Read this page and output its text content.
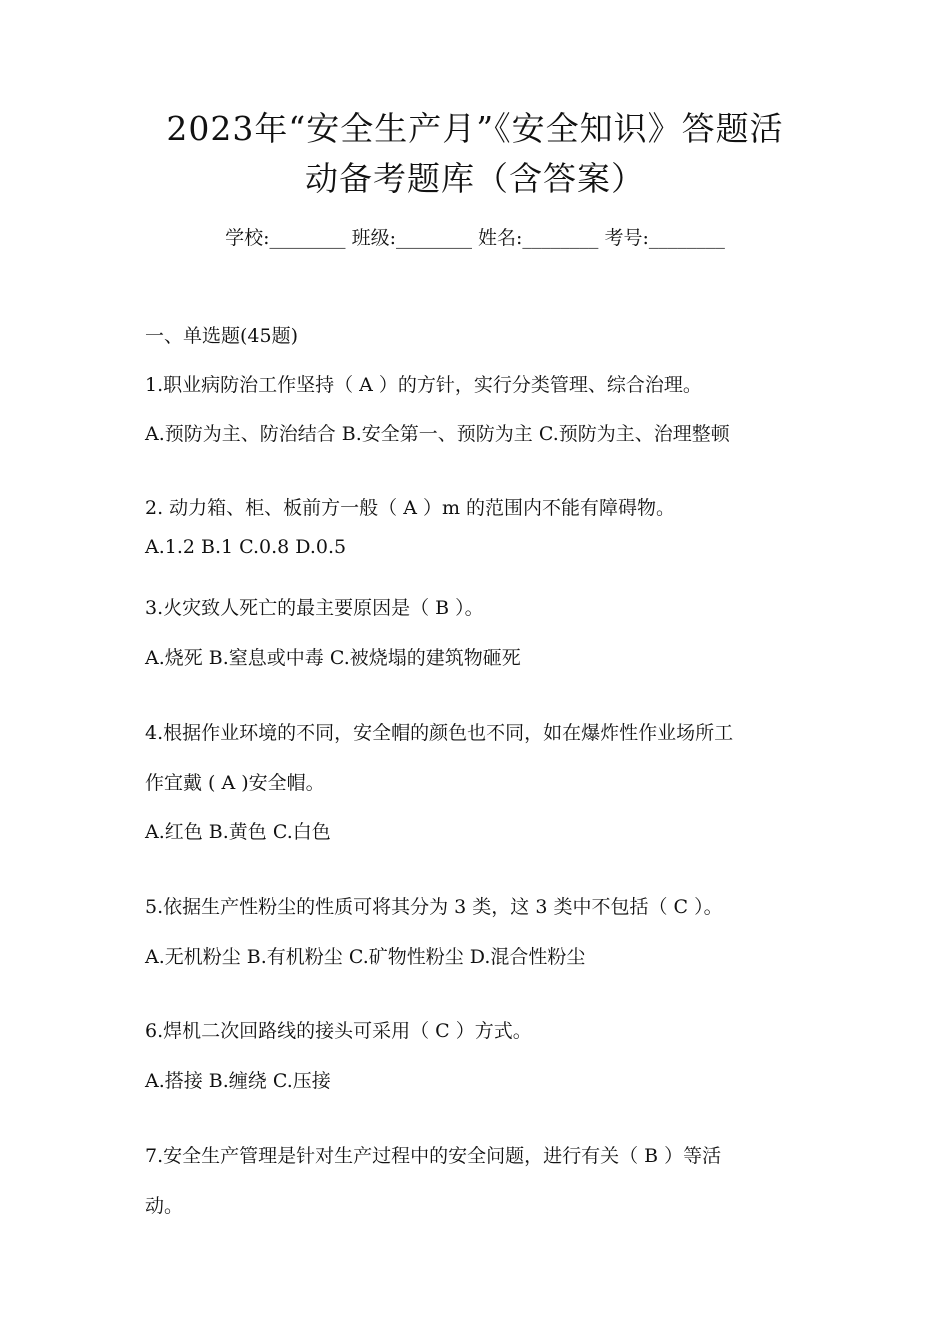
2023年“安全生产月”《安全知识》答题活
动备考题库（含答案）
学校:________ 班级:________ 姓名:________ 考号:________
一、单选题(45题)
1.职业病防治工作坚持（ A ）的方针，实行分类管理、综合治理。
A.预防为主、防治结合 B.安全第一、预防为主 C.预防为主、治理整顿
2. 动力箱、柜、板前方一般（ A ）m 的范围内不能有障碍物。
A.1.2 B.1 C.0.8 D.0.5
3.火灾致人死亡的最主要原因是（ B ）。
A.烧死 B.窒息或中毒 C.被烧塌的建筑物砸死
4.根据作业环境的不同，安全帽的颜色也不同，如在爆炸性作业场所工
作宜戴 ( A )安全帽。
A.红色 B.黄色 C.白色
5.依据生产性粉尘的性质可将其分为 3 类，这 3 类中不包括（ C ）。
A.无机粉尘 B.有机粉尘 C.矿物性粉尘 D.混合性粉尘
6.焊机二次回路线的接头可采用（ C ）方式。
A.搭接 B.缠绕 C.压接
7.安全生产管理是针对生产过程中的安全问题，进行有关（ B ）等活
动。
